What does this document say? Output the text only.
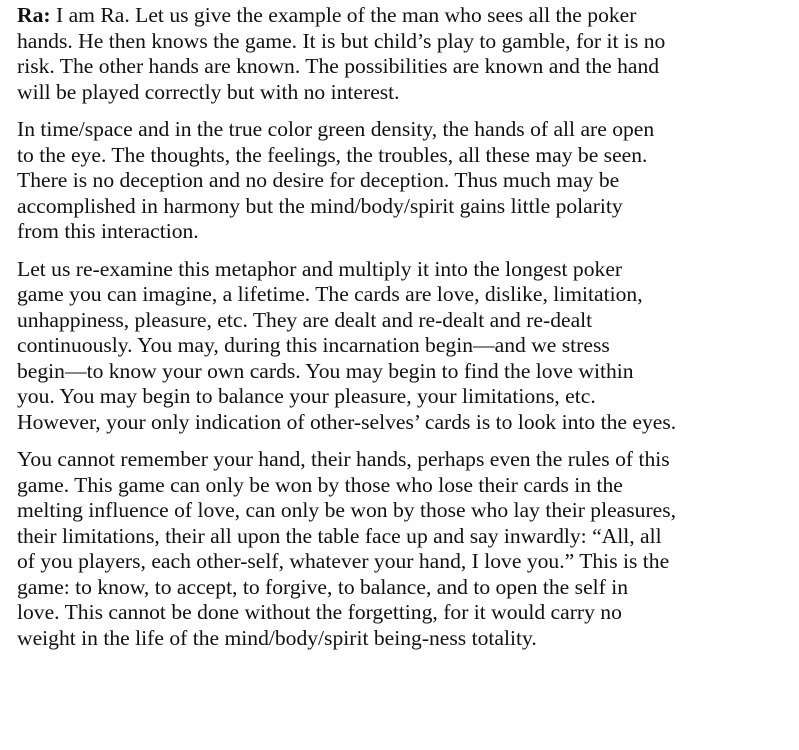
Ra: I am Ra. Let us give the example of the man who sees all the poker
hands. He then knows the game. It is but child’s play to gamble, for it is no
risk. The other hands are known. The possibilities are known and the hand
will be played correctly but with no interest.

In time/space and in the true color green density, the hands of all are open
to the eye. The thoughts, the feelings, the troubles, all these may be seen.
There is no deception and no desire for deception. Thus much may be
accomplished in harmony but the mind/body/spirit gains little polarity
from this interaction.

Let us re-examine this metaphor and multiply it into the longest poker
game you can imagine, a lifetime. The cards are love, dislike, limitation,
unhappiness, pleasure, etc. They are dealt and re-dealt and re-dealt
continuously. You may, during this incarnation begin—and we stress
begin—to know your own cards. You may begin to find the love within
you. You may begin to balance your pleasure, your limitations, etc.
However, your only indication of other-selves’ cards is to look into the eyes.

You cannot remember your hand, their hands, perhaps even the rules of this
game. This game can only be won by those who lose their cards in the
melting influence of love, can only be won by those who lay their pleasures,
their limitations, their all upon the table face up and say inwardly: “All, all
of you players, each other-self, whatever your hand, I love you.” This is the
game: to know, to accept, to forgive, to balance, and to open the self in
love. This cannot be done without the forgetting, for it would carry no
weight in the life of the mind/body/spirit being-ness totality.
